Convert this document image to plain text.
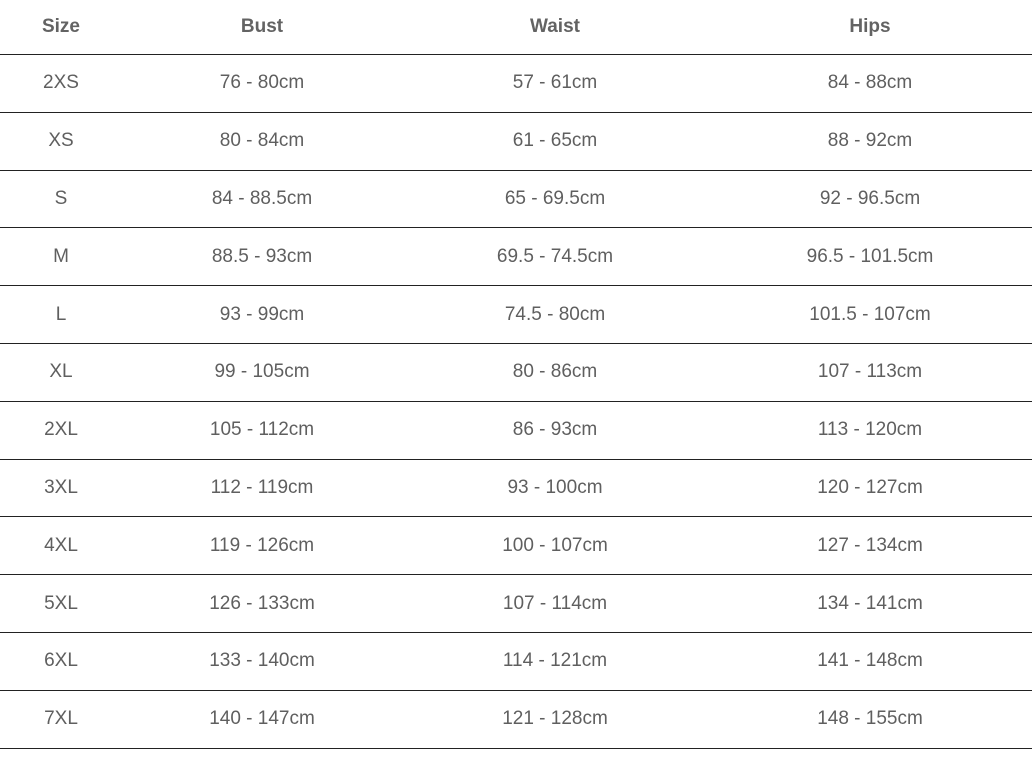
Size	Bust	Waist	Hips
2XS	76 - 80cm	57 - 61cm	84 - 88cm
XS	80 - 84cm	61 - 65cm	88 - 92cm
S	84 - 88.5cm	65 - 69.5cm	92 - 96.5cm
M	88.5 - 93cm	69.5 - 74.5cm	96.5 - 101.5cm
L	93 - 99cm	74.5 - 80cm	101.5 - 107cm
XL	99 - 105cm	80 - 86cm	107 - 113cm
2XL	105 - 112cm	86 - 93cm	113 - 120cm
3XL	112 - 119cm	93 - 100cm	120 - 127cm
4XL	119 - 126cm	100 - 107cm	127 - 134cm
5XL	126 - 133cm	107 - 114cm	134 - 141cm
6XL	133 - 140cm	114 - 121cm	141 - 148cm
7XL	140 - 147cm	121 - 128cm	148 - 155cm
